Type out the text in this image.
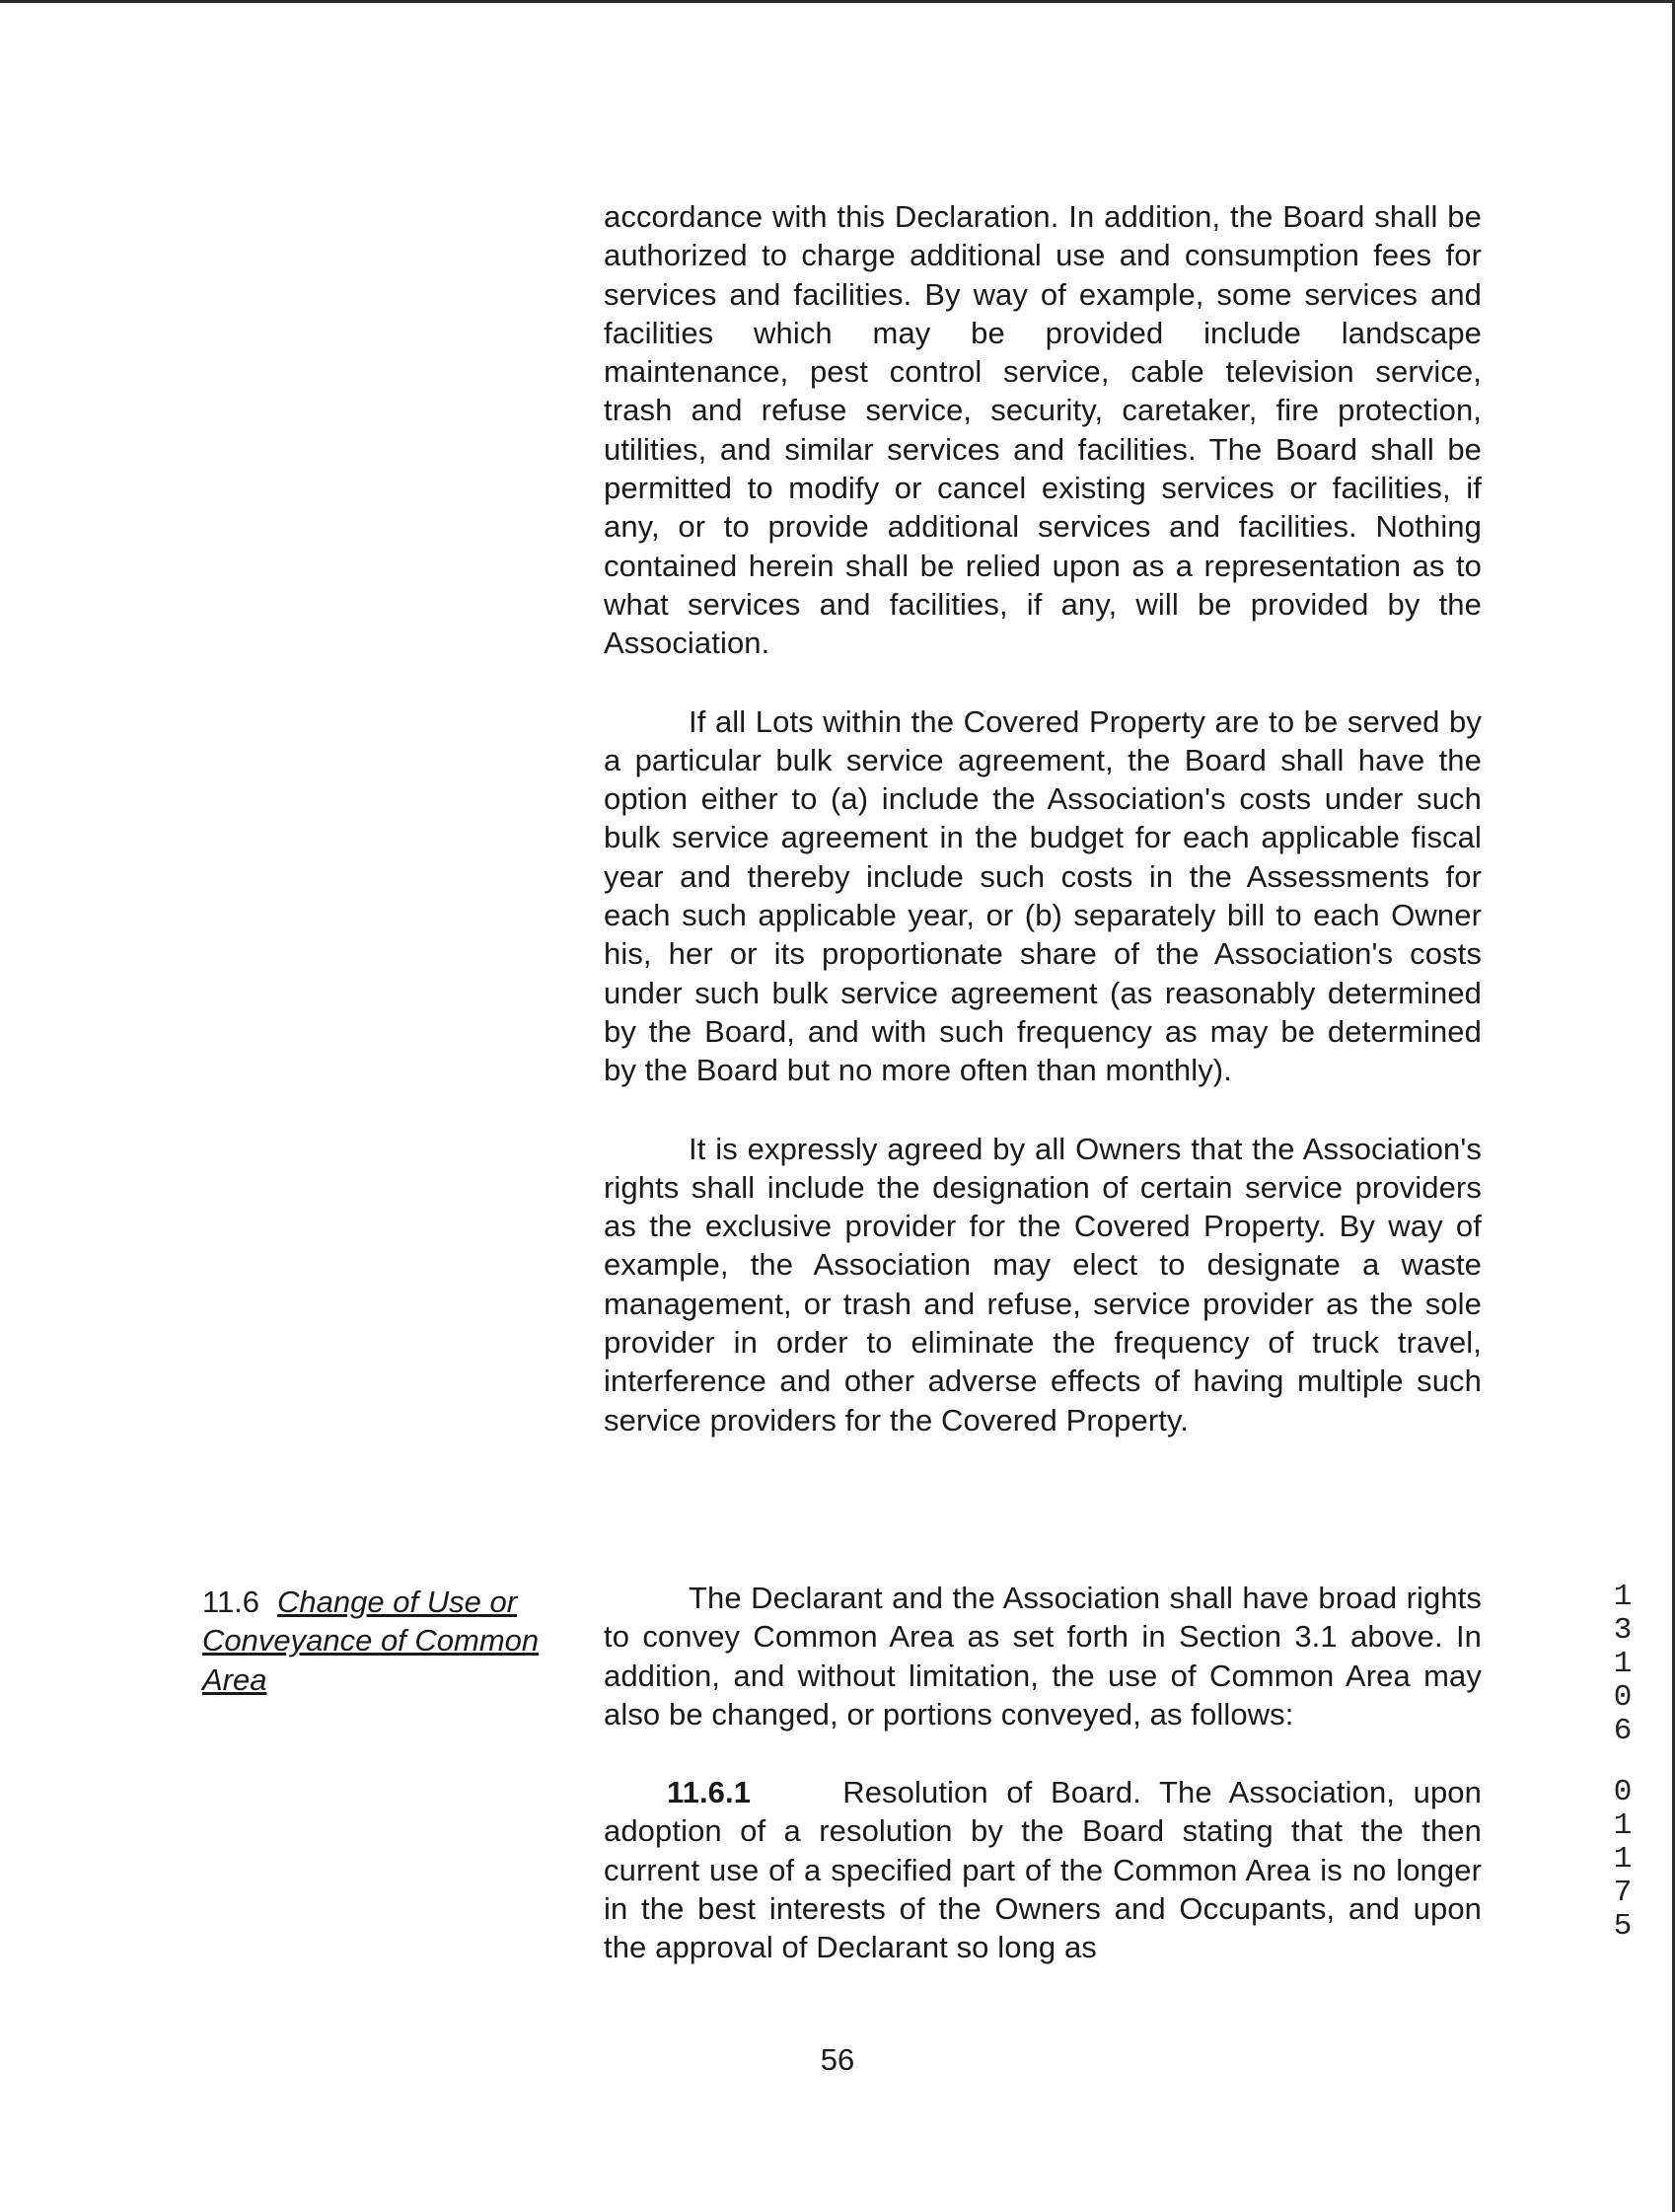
accordance with this Declaration. In addition, the Board shall be authorized to charge additional use and consumption fees for services and facilities. By way of example, some services and facilities which may be provided include landscape maintenance, pest control service, cable television service, trash and refuse service, security, caretaker, fire protection, utilities, and similar services and facilities. The Board shall be permitted to modify or cancel existing services or facilities, if any, or to provide additional services and facilities. Nothing contained herein shall be relied upon as a representation as to what services and facilities, if any, will be provided by the Association.

If all Lots within the Covered Property are to be served by a particular bulk service agreement, the Board shall have the option either to (a) include the Association's costs under such bulk service agreement in the budget for each applicable fiscal year and thereby include such costs in the Assessments for each such applicable year, or (b) separately bill to each Owner his, her or its proportionate share of the Association's costs under such bulk service agreement (as reasonably determined by the Board, and with such frequency as may be determined by the Board but no more often than monthly).

It is expressly agreed by all Owners that the Association's rights shall include the designation of certain service providers as the exclusive provider for the Covered Property. By way of example, the Association may elect to designate a waste management, or trash and refuse, service provider as the sole provider in order to eliminate the frequency of truck travel, interference and other adverse effects of having multiple such service providers for the Covered Property.

11.6 Change of Use or Conveyance of Common Area

The Declarant and the Association shall have broad rights to convey Common Area as set forth in Section 3.1 above. In addition, and without limitation, the use of Common Area may also be changed, or portions conveyed, as follows:

11.6.1	Resolution of Board. The Association, upon adoption of a resolution by the Board stating that the then current use of a specified part of the Common Area is no longer in the best interests of the Owners and Occupants, and upon the approval of Declarant so long as

56
1
3
1
0
6
0
1
1
7
5
